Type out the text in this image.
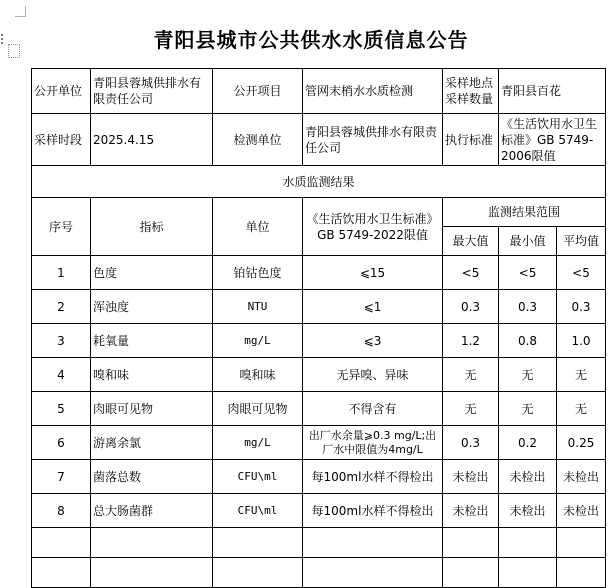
青阳县城市公共供水水质信息公告
公开单位	青阳县蓉城供排水有限责任公司	公开项目	管网末梢水水质检测	采样地点采样数量	青阳县百花	
采样时段	2025.4.15	检测单位	青阳县蓉城供排水有限责任公司	执行标准	《生活饮用水卫生标准》GB 5749-2006限值	
水质监测结果						
序号	指标	单位	《生活饮用水卫生标准》GB 5749-2022限值	监测结果范围		
				最大值	最小值	平均值
1	色度	铂钴色度	⩽15	<5	<5	<5
2	浑浊度	NTU	⩽1	0.3	0.3	0.3
3	耗氧量	mg/L	⩽3	1.2	0.8	1.0
4	嗅和味	嗅和味	无异嗅、异味	无	无	无
5	肉眼可见物	肉眼可见物	不得含有	无	无	无
6	游离余氯	mg/L	出厂水余量⩾0.3 mg/L;出厂水中限值为4mg/L	0.3	0.2	0.25
7	菌落总数	CFU\ml	每100ml水样不得检出	未检出	未检出	未检出
8	总大肠菌群	CFU\ml	每100ml水样不得检出	未检出	未检出	未检出
